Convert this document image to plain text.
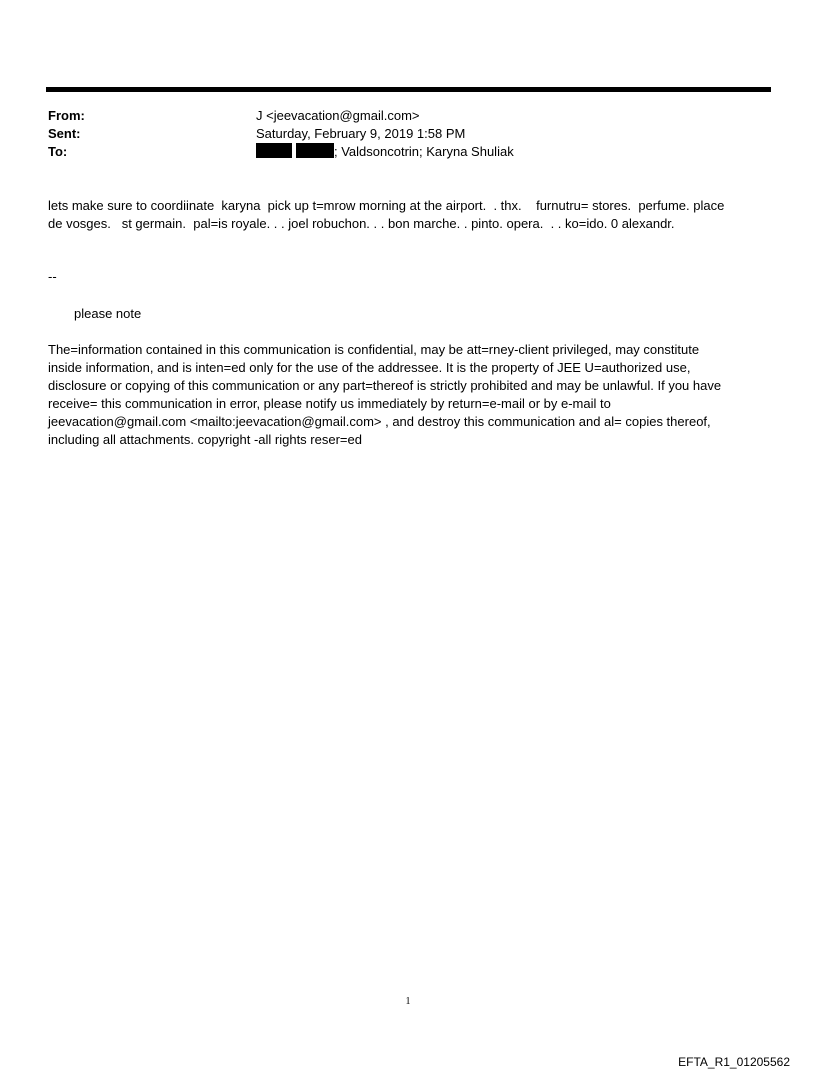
From:	J <jeevacation@gmail.com>
Sent:	Saturday, February 9, 2019 1:58 PM
To:	; Valdsoncotrin; Karyna Shuliak
lets make sure to coordiinate  karyna  pick up t=mrow morning at the airport.  . thx.    furnutru= stores.  perfume. place
de vosges.   st germain.  pal=is royale. . . joel robuchon. . . bon marche. . pinto. opera.  . . ko=ido. 0 alexandr.
--
please note
The=information contained in this communication is confidential, may be att=rney-client privileged, may constitute
inside information, and is inten=ed only for the use of the addressee. It is the property of JEE U=authorized use,
disclosure or copying of this communication or any part=thereof is strictly prohibited and may be unlawful. If you have
receive= this communication in error, please notify us immediately by return=e-mail or by e-mail to
jeevacation@gmail.com <mailto:jeevacation@gmail.com> , and destroy this communication and al= copies thereof,
including all attachments. copyright -all rights reser=ed
1
EFTA_R1_01205562
